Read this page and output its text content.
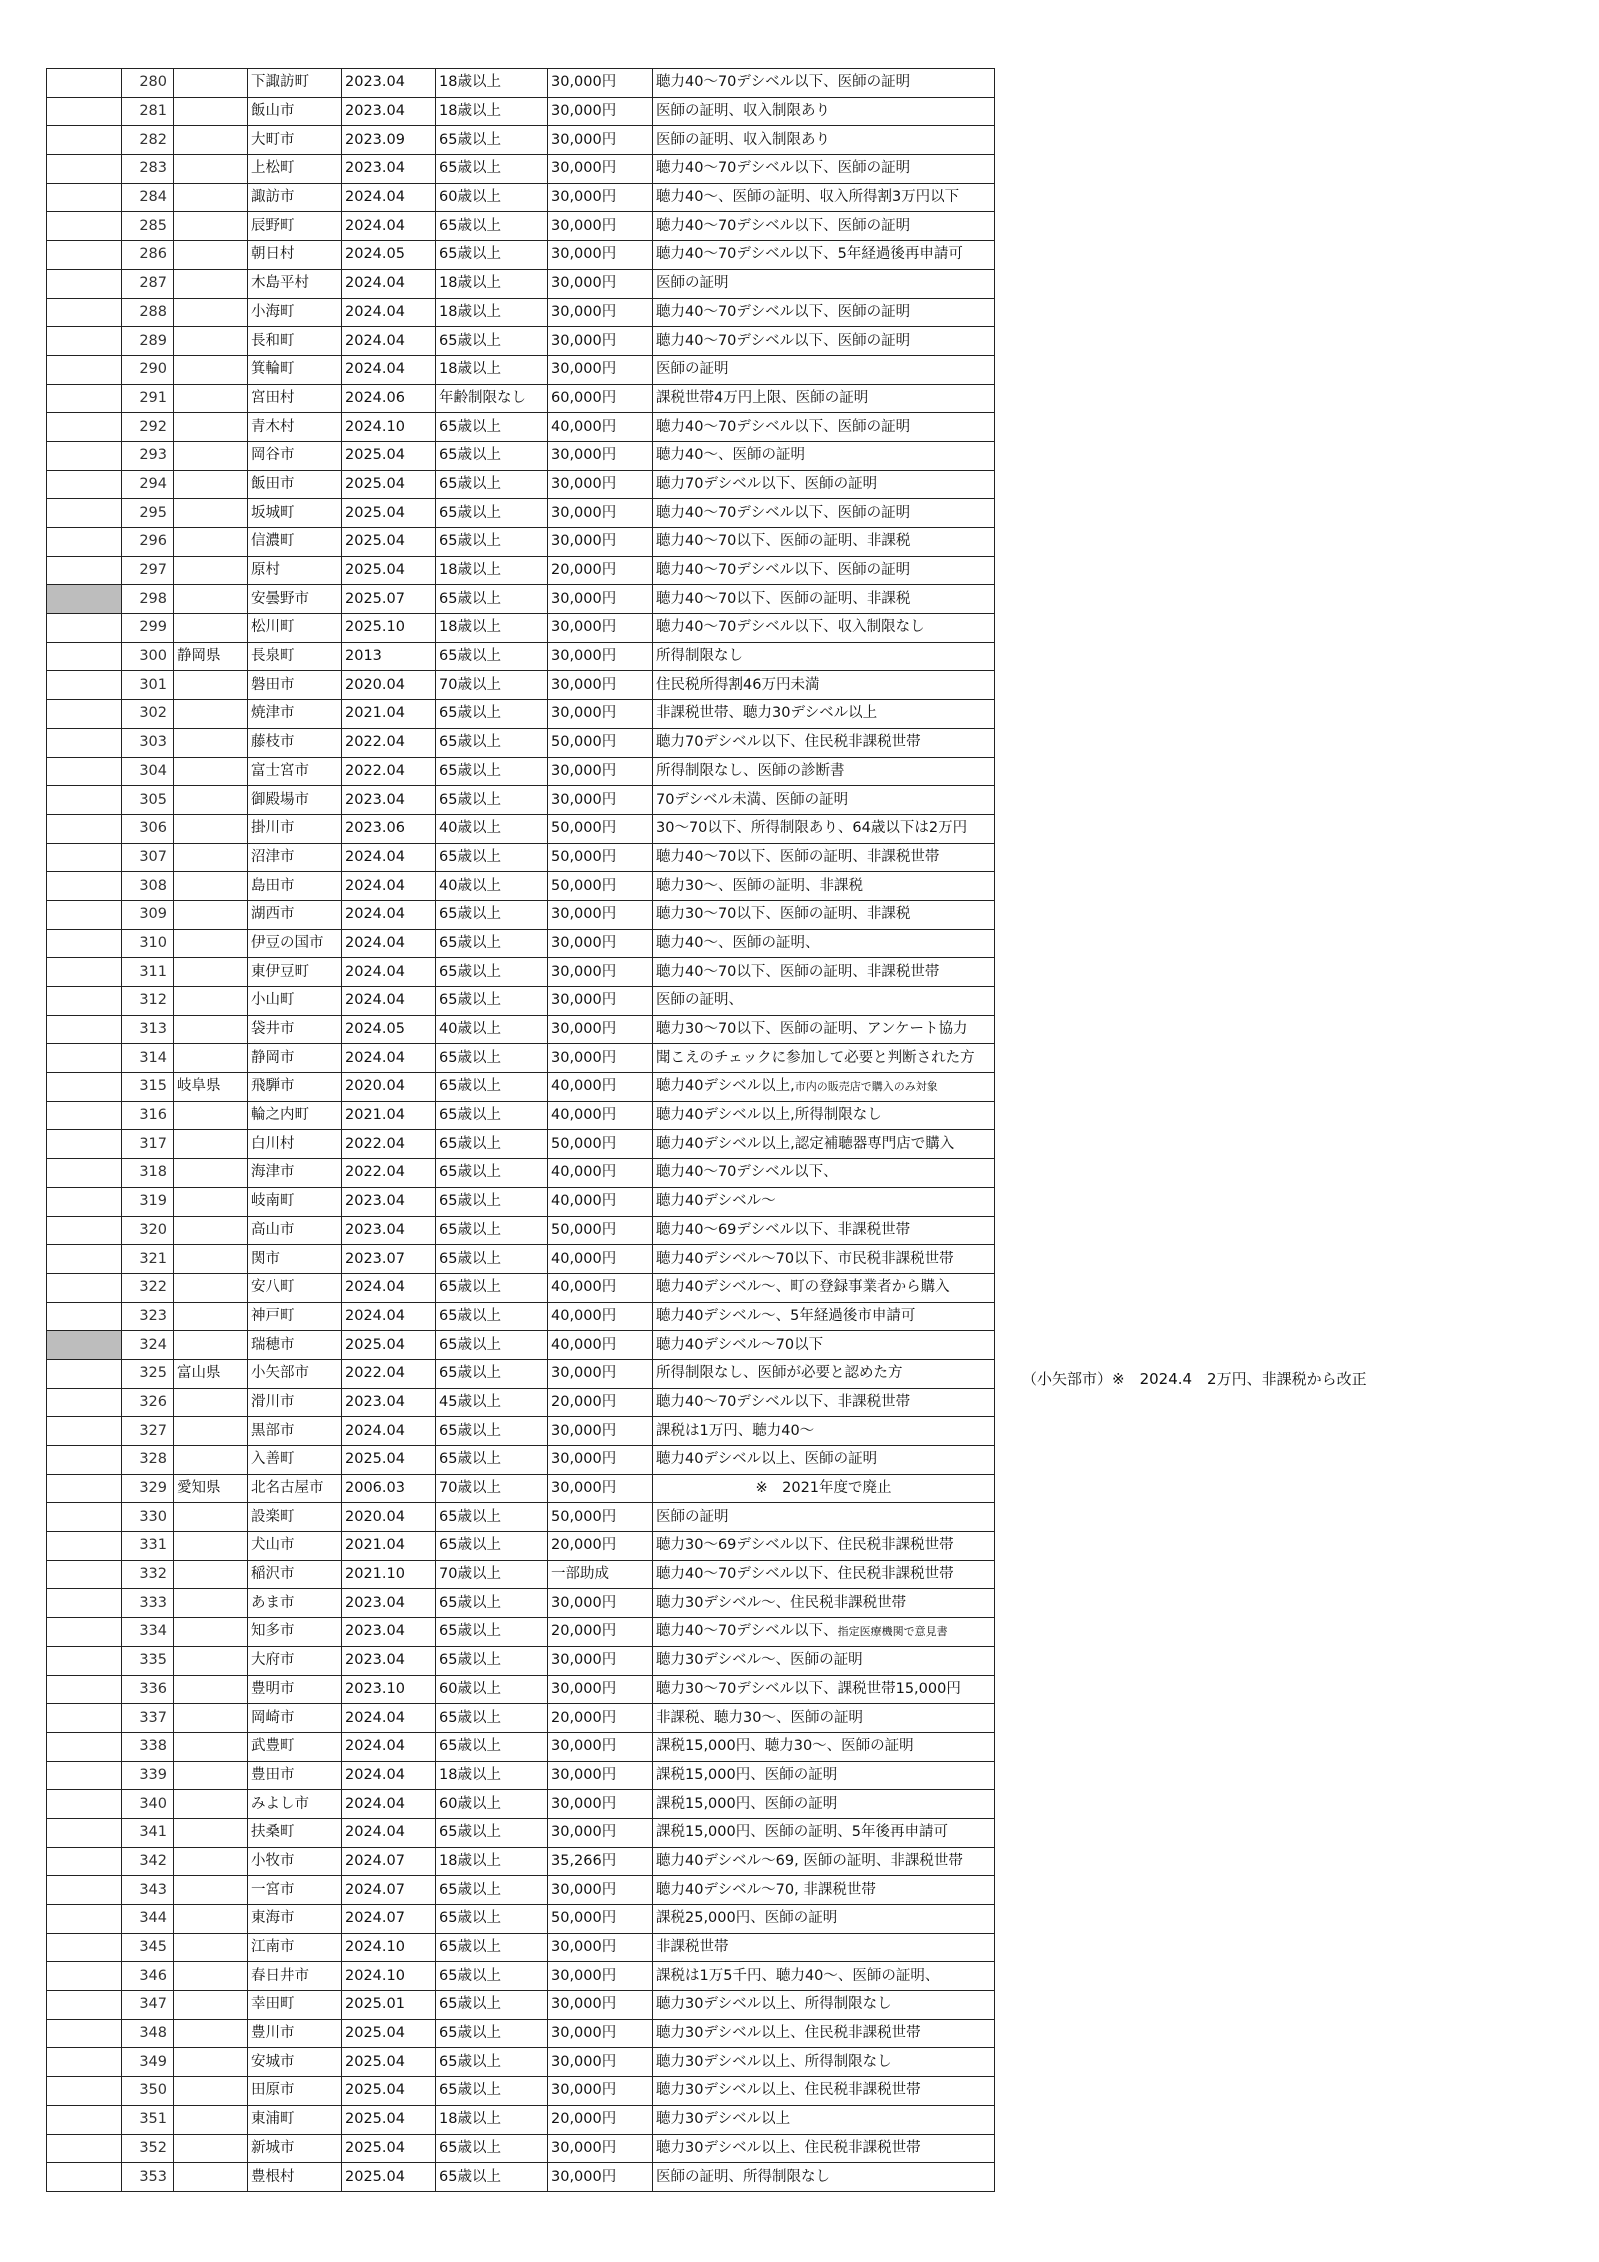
	280		下諏訪町	2023.04	18歳以上	30,000円	聴力40～70デシベル以下、医師の証明
	281		飯山市	2023.04	18歳以上	30,000円	医師の証明、収入制限あり
	282		大町市	2023.09	65歳以上	30,000円	医師の証明、収入制限あり
	283		上松町	2023.04	65歳以上	30,000円	聴力40～70デシベル以下、医師の証明
	284		諏訪市	2024.04	60歳以上	30,000円	聴力40～、医師の証明、収入所得割3万円以下
	285		辰野町	2024.04	65歳以上	30,000円	聴力40～70デシベル以下、医師の証明
	286		朝日村	2024.05	65歳以上	30,000円	聴力40～70デシベル以下、5年経過後再申請可
	287		木島平村	2024.04	18歳以上	30,000円	医師の証明
	288		小海町	2024.04	18歳以上	30,000円	聴力40～70デシベル以下、医師の証明
	289		長和町	2024.04	65歳以上	30,000円	聴力40～70デシベル以下、医師の証明
	290		箕輪町	2024.04	18歳以上	30,000円	医師の証明
	291		宮田村	2024.06	年齢制限なし	60,000円	課税世帯4万円上限、医師の証明
	292		青木村	2024.10	65歳以上	40,000円	聴力40～70デシベル以下、医師の証明
	293		岡谷市	2025.04	65歳以上	30,000円	聴力40～、医師の証明
	294		飯田市	2025.04	65歳以上	30,000円	聴力70デシベル以下、医師の証明
	295		坂城町	2025.04	65歳以上	30,000円	聴力40～70デシベル以下、医師の証明
	296		信濃町	2025.04	65歳以上	30,000円	聴力40～70以下、医師の証明、非課税
	297		原村	2025.04	18歳以上	20,000円	聴力40～70デシベル以下、医師の証明
	298		安曇野市	2025.07	65歳以上	30,000円	聴力40～70以下、医師の証明、非課税
	299		松川町	2025.10	18歳以上	30,000円	聴力40～70デシベル以下、収入制限なし
	300	静岡県	長泉町	2013	65歳以上	30,000円	所得制限なし
	301		磐田市	2020.04	70歳以上	30,000円	住民税所得割46万円未満
	302		焼津市	2021.04	65歳以上	30,000円	非課税世帯、聴力30デシベル以上
	303		藤枝市	2022.04	65歳以上	50,000円	聴力70デシベル以下、住民税非課税世帯
	304		富士宮市	2022.04	65歳以上	30,000円	所得制限なし、医師の診断書
	305		御殿場市	2023.04	65歳以上	30,000円	70デシベル未満、医師の証明
	306		掛川市	2023.06	40歳以上	50,000円	30～70以下、所得制限あり、64歳以下は2万円
	307		沼津市	2024.04	65歳以上	50,000円	聴力40～70以下、医師の証明、非課税世帯
	308		島田市	2024.04	40歳以上	50,000円	聴力30～、医師の証明、非課税
	309		湖西市	2024.04	65歳以上	30,000円	聴力30～70以下、医師の証明、非課税
	310		伊豆の国市	2024.04	65歳以上	30,000円	聴力40～、医師の証明、
	311		東伊豆町	2024.04	65歳以上	30,000円	聴力40～70以下、医師の証明、非課税世帯
	312		小山町	2024.04	65歳以上	30,000円	医師の証明、
	313		袋井市	2024.05	40歳以上	30,000円	聴力30～70以下、医師の証明、アンケート協力
	314		静岡市	2024.04	65歳以上	30,000円	聞こえのチェックに参加して必要と判断された方
	315	岐阜県	飛騨市	2020.04	65歳以上	40,000円	聴力40デシベル以上,市内の販売店で購入のみ対象
	316		輪之内町	2021.04	65歳以上	40,000円	聴力40デシベル以上,所得制限なし
	317		白川村	2022.04	65歳以上	50,000円	聴力40デシベル以上,認定補聴器専門店で購入
	318		海津市	2022.04	65歳以上	40,000円	聴力40～70デシベル以下、
	319		岐南町	2023.04	65歳以上	40,000円	聴力40デシベル～
	320		高山市	2023.04	65歳以上	50,000円	聴力40～69デシベル以下、非課税世帯
	321		関市	2023.07	65歳以上	40,000円	聴力40デシベル～70以下、市民税非課税世帯
	322		安八町	2024.04	65歳以上	40,000円	聴力40デシベル～、町の登録事業者から購入
	323		神戸町	2024.04	65歳以上	40,000円	聴力40デシベル～、5年経過後市申請可
	324		瑞穂市	2025.04	65歳以上	40,000円	聴力40デシベル～70以下
	325	富山県	小矢部市	2022.04	65歳以上	30,000円	所得制限なし、医師が必要と認めた方
	326		滑川市	2023.04	45歳以上	20,000円	聴力40～70デシベル以下、非課税世帯
	327		黒部市	2024.04	65歳以上	30,000円	課税は1万円、聴力40～
	328		入善町	2025.04	65歳以上	30,000円	聴力40デシベル以上、医師の証明
	329	愛知県	北名古屋市	2006.03	70歳以上	30,000円	※　2021年度で廃止
	330		設楽町	2020.04	65歳以上	50,000円	医師の証明
	331		犬山市	2021.04	65歳以上	20,000円	聴力30～69デシベル以下、住民税非課税世帯
	332		稲沢市	2021.10	70歳以上	一部助成	聴力40～70デシベル以下、住民税非課税世帯
	333		あま市	2023.04	65歳以上	30,000円	聴力30デシベル～、住民税非課税世帯
	334		知多市	2023.04	65歳以上	20,000円	聴力40～70デシベル以下、指定医療機関で意見書
	335		大府市	2023.04	65歳以上	30,000円	聴力30デシベル～、医師の証明
	336		豊明市	2023.10	60歳以上	30,000円	聴力30～70デシベル以下、課税世帯15,000円
	337		岡崎市	2024.04	65歳以上	20,000円	非課税、聴力30～、医師の証明
	338		武豊町	2024.04	65歳以上	30,000円	課税15,000円、聴力30～、医師の証明
	339		豊田市	2024.04	18歳以上	30,000円	課税15,000円、医師の証明
	340		みよし市	2024.04	60歳以上	30,000円	課税15,000円、医師の証明
	341		扶桑町	2024.04	65歳以上	30,000円	課税15,000円、医師の証明、5年後再申請可
	342		小牧市	2024.07	18歳以上	35,266円	聴力40デシベル～69, 医師の証明、非課税世帯
	343		一宮市	2024.07	65歳以上	30,000円	聴力40デシベル～70, 非課税世帯
	344		東海市	2024.07	65歳以上	50,000円	課税25,000円、医師の証明
	345		江南市	2024.10	65歳以上	30,000円	非課税世帯
	346		春日井市	2024.10	65歳以上	30,000円	課税は1万5千円、聴力40～、医師の証明、
	347		幸田町	2025.01	65歳以上	30,000円	聴力30デシベル以上、所得制限なし
	348		豊川市	2025.04	65歳以上	30,000円	聴力30デシベル以上、住民税非課税世帯
	349		安城市	2025.04	65歳以上	30,000円	聴力30デシベル以上、所得制限なし
	350		田原市	2025.04	65歳以上	30,000円	聴力30デシベル以上、住民税非課税世帯
	351		東浦町	2025.04	18歳以上	20,000円	聴力30デシベル以上
	352		新城市	2025.04	65歳以上	30,000円	聴力30デシベル以上、住民税非課税世帯
	353		豊根村	2025.04	65歳以上	30,000円	医師の証明、所得制限なし
（小矢部市）※　2024.4　2万円、非課税から改正
